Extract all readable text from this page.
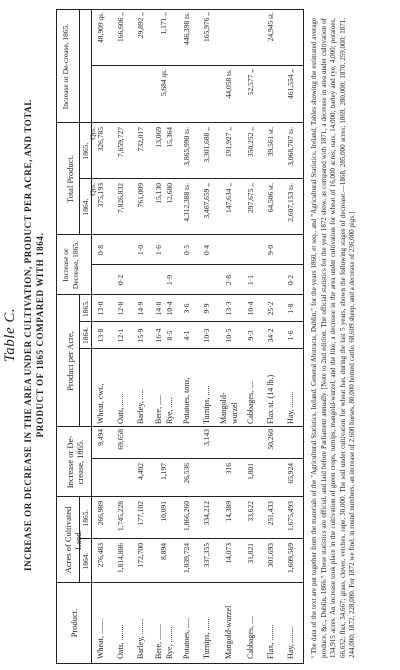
Table C. INCREASE OR DECREASE IN THE AREA UNDER CULTIVATION, PRODUCT PER ACRE, AND TOTAL PRODUCT OF 1865 COMPARED WITH 1864.
Product.
Acres of Cultivated Land.
1864.
1865.
Increase or De-crease, 1865.
Product per Acre, 1864.
1865.
Increase or Decrease, 1865.
Total Product.
1864.
1865.
Increase or De-crease, 1865.
Wheat, ........
276,483
266,989
9,494
Wheat, cwt.,
13·8
13·0
0·8
Qrs.
Qrs.
375,193
326,785
48,909 qs.
Oats, ........
1,814,886
1,745,228
69,658
Oats, ......
12·1
12·8
0·2
7,826,832
7,659,727
166,606 ,,
Barley, ........
172,700
177,102
4,402
Barley, .....
15·9
14·9
1·0
761,009
732,017
29,892 ,,
Bere, ........
Rye, ........
8,894
10,091
1,197
Bere, .....
Rye, .....
16·4
8·5
14·8
10·4

1·9
1·6

15,130
12,680
13,069
15,364
5,684 qs.
1,171 ,,
Potatoes, .....
1,039,724
1,066,260
26,536
Potatoes, tons,
4·1
3·6
0·5
4,312,388 ts.
3,865,990 ts.
446,398 ts.
Turnips, ......
337,355
334,212
3,143
Turnips, .....
10·3
9·9
0·4
3,467,659 ,,
3,301,688 ,,
165,976 ,,
Mangold-wurzel
14,073
14,389
316
Mangold-
wurzel
10·5
13·3
2·8
147,634 ,,
191,927 ,,
44,058 ts.
Cabbages, ....
31,821
33,622
1,801
Cabbages, ....
9·3
10·4
1·1
297,675 ,,
350,252 ,,
52,577 ,,
Flax, ........
301,693
251,433
50,260
Flax st. (14 lb.)
34·2
25·2
9·0
64,506 st.
39,561 st.
24,945 st.
Hay, ........
1,609,569
1,675,493
65,924
Hay, ........
1·6
1·8
0·2
2,607,153 ts.
3,068,707 ts.
461,554 ,, ¹ The data of the text are put together from the materials of the "Agricultural Statistics, Ireland, General Abstracts, Dublin," for the years 1860, et seq., and "Agricultural Statistics, Ireland, Tables showing the estimated average produce, &c., Dublin, 1866." These statistics are official, and laid before Parliament annually. [Note to 2nd edition. The official statistics for the year 1872 show, as compared with 1871, a decrease in area under cultivation of 134,915 acres. An increase took place in the cultivation of green crops, turnips, mangold-wurzel, and the like; a decrease in the area under cultivation for wheat of 16,000 acres; oats, 14,000; barley and rye, 4,000; potatoes, 66,632; flax, 34,667; grass, clover, vetches, rape, 30,000. The soil under cultivation for wheat has, during the last 5 years, shown the following stages of decrease:—1868, 285,000 acres; 1869, 280,000; 1870, 259,000; 1871, 244,000; 1872, 228,000. For 1872 we find, in round numbers, an increase of 2,600 horses, 80,000 horned cattle, 68,609 sheep, and a decrease of 236,000 pigs.]
